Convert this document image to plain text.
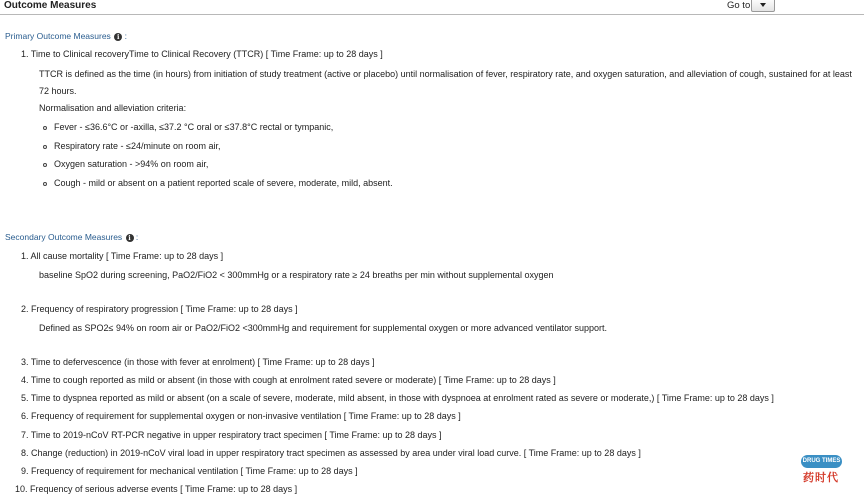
Outcome Measures	Go to
Primary Outcome Measures i :
1. Time to Clinical recoveryTime to Clinical Recovery (TTCR) [ Time Frame: up to 28 days ]
TTCR is defined as the time (in hours) from initiation of study treatment (active or placebo) until normalisation of fever, respiratory rate, and oxygen saturation, and alleviation of cough, sustained for at least 72 hours.
Normalisation and alleviation criteria:
Fever - ≤36.6°C or -axilla, ≤37.2 °C oral or ≤37.8°C rectal or tympanic,
Respiratory rate - ≤24/minute on room air,
Oxygen saturation - >94% on room air,
Cough - mild or absent on a patient reported scale of severe, moderate, mild, absent.
Secondary Outcome Measures i :
1. All cause mortality [ Time Frame: up to 28 days ]
baseline SpO2 during screening, PaO2/FiO2 < 300mmHg or a respiratory rate ≥ 24 breaths per min without supplemental oxygen
2. Frequency of respiratory progression [ Time Frame: up to 28 days ]
Defined as SPO2≤ 94% on room air or PaO2/FiO2 <300mmHg and requirement for supplemental oxygen or more advanced ventilator support.
3. Time to defervescence (in those with fever at enrolment) [ Time Frame: up to 28 days ]
4. Time to cough reported as mild or absent (in those with cough at enrolment rated severe or moderate) [ Time Frame: up to 28 days ]
5. Time to dyspnea reported as mild or absent (on a scale of severe, moderate, mild absent, in those with dyspnoea at enrolment rated as severe or moderate,) [ Time Frame: up to 28 days ]
6. Frequency of requirement for supplemental oxygen or non-invasive ventilation [ Time Frame: up to 28 days ]
7. Time to 2019-nCoV RT-PCR negative in upper respiratory tract specimen [ Time Frame: up to 28 days ]
8. Change (reduction) in 2019-nCoV viral load in upper respiratory tract specimen as assessed by area under viral load curve. [ Time Frame: up to 28 days ]
9. Frequency of requirement for mechanical ventilation [ Time Frame: up to 28 days ]
10. Frequency of serious adverse events [ Time Frame: up to 28 days ]
DRUG TIMES
药时代
